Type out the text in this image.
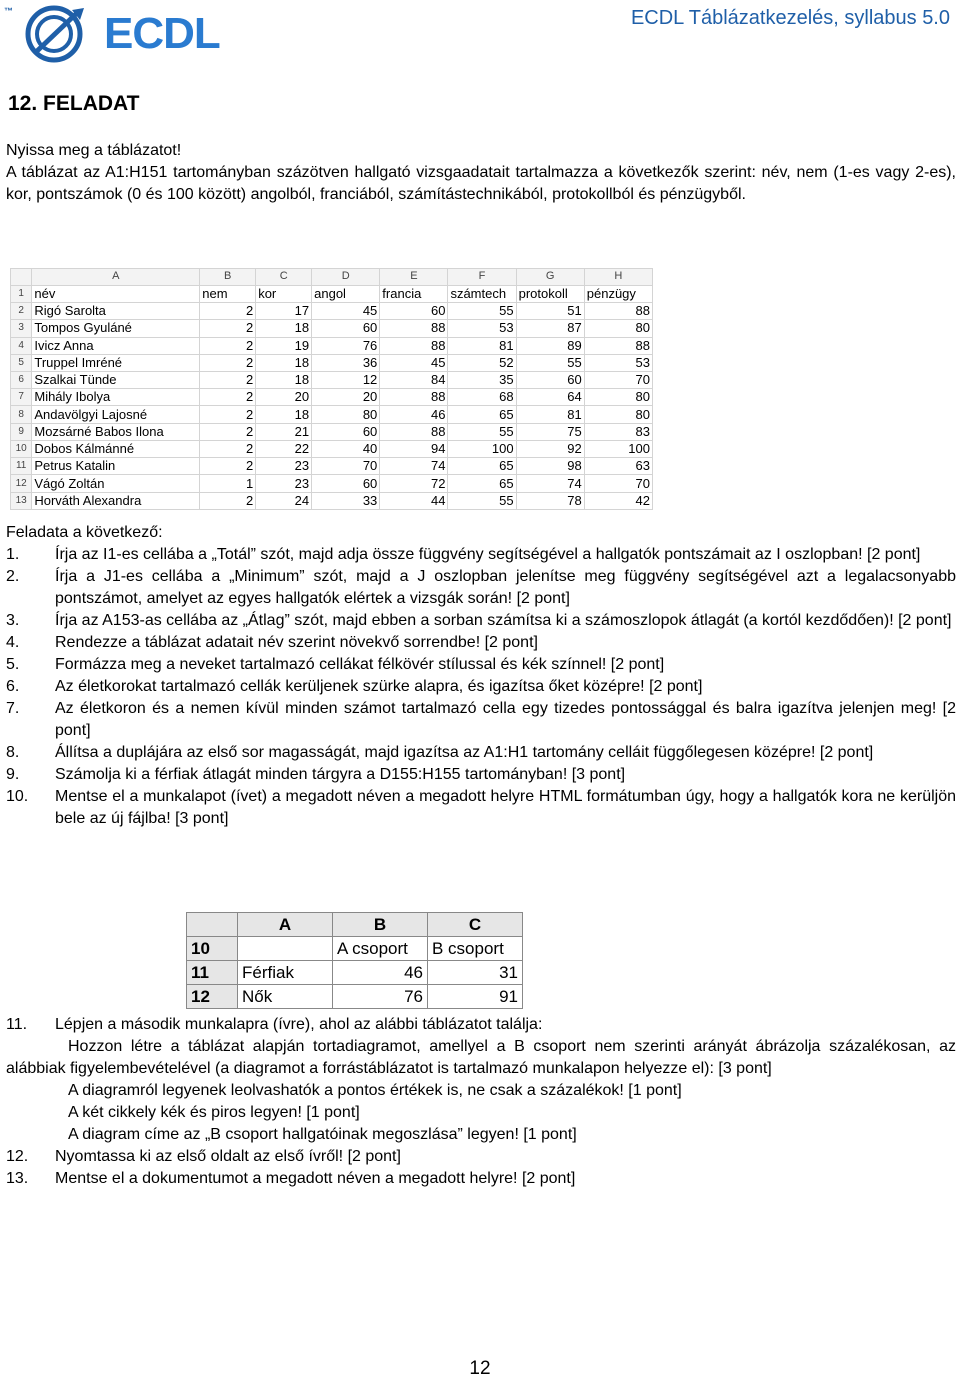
™ ECDL	ECDL Táblázatkezelés, syllabus 5.0
12. FELADAT
Nyissa meg a táblázatot!
A táblázat az A1:H151 tartományban százötven hallgató vizsgaadatait tartalmazza a következők szerint: név, nem (1-es vagy 2-es), kor, pontszámok (0 és 100 között) angolból, franciából, számítástechnikából, protokollból és pénzügyből.
	A	B	C	D	E	F	G	H
1	név	nem	kor	angol	francia	számtech	protokoll	pénzügy
2	Rigó Sarolta	2	17	45	60	55	51	88
3	Tompos Gyuláné	2	18	60	88	53	87	80
4	Ivicz Anna	2	19	76	88	81	89	88
5	Truppel Imréné	2	18	36	45	52	55	53
6	Szalkai Tünde	2	18	12	84	35	60	70
7	Mihály Ibolya	2	20	20	88	68	64	80
8	Andavölgyi Lajosné	2	18	80	46	65	81	80
9	Mozsárné Babos Ilona	2	21	60	88	55	75	83
10	Dobos Kálmánné	2	22	40	94	100	92	100
11	Petrus Katalin	2	23	70	74	65	98	63
12	Vágó Zoltán	1	23	60	72	65	74	70
13	Horváth Alexandra	2	24	33	44	55	78	42
Feladata a következő:
1.	Írja az I1-es cellába a „Totál” szót, majd adja össze függvény segítségével a hallgatók pontszámait az I oszlopban! [2 pont]
2.	Írja a J1-es cellába a „Minimum” szót, majd a J oszlopban jelenítse meg függvény segítségével azt a legalacsonyabb pontszámot, amelyet az egyes hallgatók elértek a vizsgák során! [2 pont]
3.	Írja az A153-as cellába az „Átlag” szót, majd ebben a sorban számítsa ki a számoszlopok átlagát (a kortól kezdődően)! [2 pont]
4.	Rendezze a táblázat adatait név szerint növekvő sorrendbe! [2 pont]
5.	Formázza meg a neveket tartalmazó cellákat félkövér stílussal és kék színnel! [2 pont]
6.	Az életkorokat tartalmazó cellák kerüljenek szürke alapra, és igazítsa őket középre! [2 pont]
7.	Az életkoron és a nemen kívül minden számot tartalmazó cella egy tizedes pontossággal és balra igazítva jelenjen meg! [2 pont]
8.	Állítsa a duplájára az első sor magasságát, majd igazítsa az A1:H1 tartomány celláit függőlegesen középre! [2 pont]
9.	Számolja ki a férfiak átlagát minden tárgyra a D155:H155 tartományban! [3 pont]
10.	Mentse el a munkalapot (ívet) a megadott néven a megadott helyre HTML formátumban úgy, hogy a hallgatók kora ne kerüljön bele az új fájlba! [3 pont]
	A	B	C
10		A csoport	B csoport
11	Férfiak	46	31
12	Nők	76	91
11.	Lépjen a második munkalapra (ívre), ahol az alábbi táblázatot találja:
Hozzon létre a táblázat alapján tortadiagramot, amellyel a B csoport nem szerinti arányát ábrázolja százalékosan, az alábbiak figyelembevételével (a diagramot a forrástáblázatot is tartalmazó munkalapon helyezze el): [3 pont]
A diagramról legyenek leolvashatók a pontos értékek is, ne csak a százalékok! [1 pont]
A két cikkely kék és piros legyen! [1 pont]
A diagram címe az „B csoport hallgatóinak megoszlása” legyen! [1 pont]
12.	Nyomtassa ki az első oldalt az első ívről! [2 pont]
13.	Mentse el a dokumentumot a megadott néven a megadott helyre! [2 pont]
12
